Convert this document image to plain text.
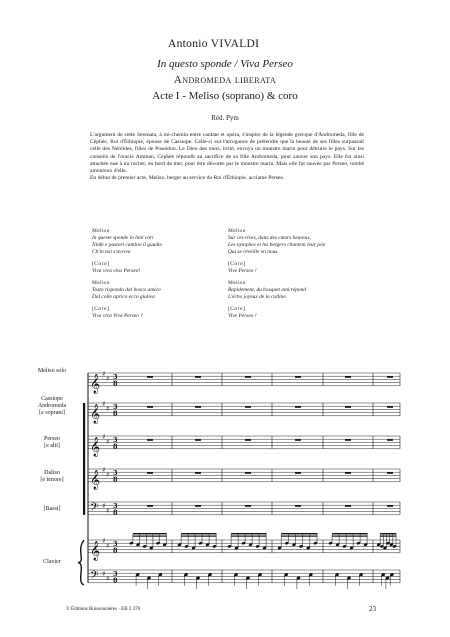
Antonio VIVALDI
In questo sponde / Viva Perseo
Andromeda liberata
Acte I - Meliso (soprano) & coro
Réd. Pym
L'argument de cette Serenata, à mi-chemin entre cantate et opéra, s'inspire de la légende grecque d'Andromeda, fille de Céphée, Roi d'Éthiopie, épouse de Cassiope. Celle-ci eut l'arrogance de prétendre que la beauté de ses filles surpassait celle des Néréides, filles de Poseidon. Le Dieu des mers, irrité, envoya un monstre marin pour détruire le pays. Sur les conseils de l'oracle Amman, Céphée répondit au sacrifice de sa fille Andromeda, pour sauver son pays. Elle fut ainsi attachée nue à un rocher, en bord de mer, pour être dévorée par le monstre marin. Mais elle fut sauvée par Perseo, tombé amoureux d'elle.
En début de premier acte, Meliso, berger au service du Roi d'Éthiopie, acclame Perseo.
Meliso
In queste sponde in lieti cori
Ninfe e pastori cantino il gaudio
Ch'in noi s'avviva
[Coro]
Viva viva viva Perseo!
Meliso
Tosto risponda dal bosco amico
Dal colle aprico ecco giuliva
[Coro]
Viva viva Viva Perseo ?
Meliso
Sur ces rives, dans des cœurs heureux,
Les nymphes et les bergers chantent leur joie
Qui se réveille en nous.
[Coro]
Vive Perseo !
Meliso
Rapidement, du bosquet ami répond
L'écho joyeux de la colline.
[Coro]
Vive Perseo !
𝄞 ♯
♯ 3
8
𝄞 ♯
♯ 3
8
𝄞 ♯
♯ 3
8
𝄞 ♯
♯ 3
8
𝄢 ♯
♯
3
8
𝄞 ♯
♯ 3
8
𝄢 ♯
♯
3
8
Meliso solo
Cassiope
Andromeda
[e soprani]
Perseo
[e alti]
Daliso
[e tenore]
[Bassi]
Clavier
© Éditions Buissonnières · EB 2 370	23
